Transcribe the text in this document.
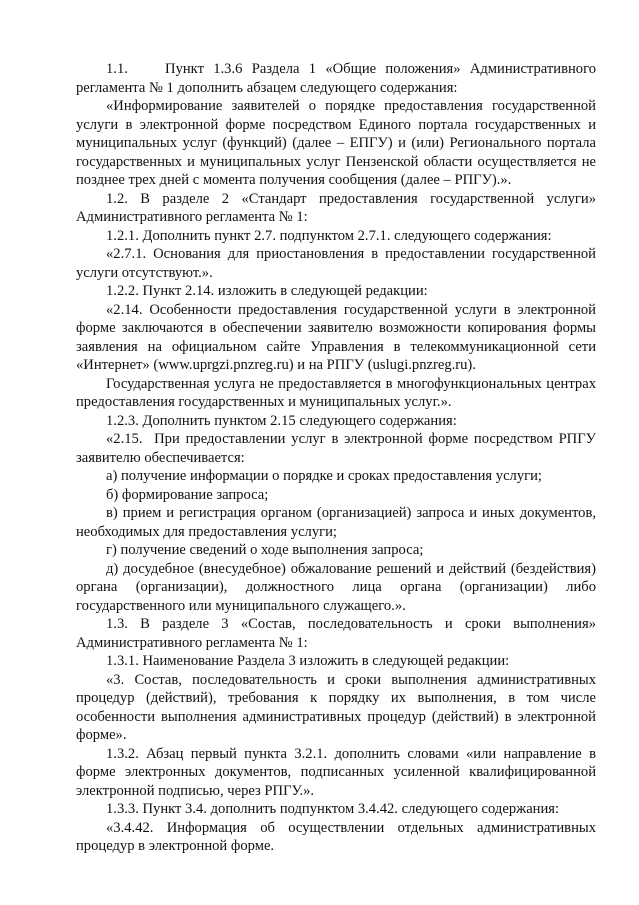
1.1.    Пункт 1.3.6 Раздела 1 «Общие положения» Административного регламента № 1 дополнить абзацем следующего содержания:

«Информирование заявителей о порядке предоставления государственной услуги в электронной форме посредством Единого портала государственных и муниципальных услуг (функций) (далее – ЕПГУ) и (или) Регионального портала государственных и муниципальных услуг Пензенской области осуществляется не позднее трех дней с момента получения сообщения (далее – РПГУ).».

1.2. В разделе 2 «Стандарт предоставления государственной услуги» Административного регламента № 1:

1.2.1. Дополнить пункт 2.7. подпунктом 2.7.1. следующего содержания:

«2.7.1. Основания для приостановления в предоставлении государственной услуги отсутствуют.».

1.2.2. Пункт 2.14. изложить в следующей редакции:

«2.14. Особенности предоставления государственной услуги в электронной форме заключаются в обеспечении заявителю возможности копирования формы заявления на официальном сайте Управления в телекоммуникационной сети «Интернет» (www.uprgzi.pnzreg.ru) и на РПГУ (uslugi.pnzreg.ru).

Государственная услуга не предоставляется в многофункциональных центрах предоставления государственных и муниципальных услуг.».

1.2.3. Дополнить пунктом 2.15 следующего содержания:

«2.15.  При предоставлении услуг в электронной форме посредством РПГУ заявителю обеспечивается:

а) получение информации о порядке и сроках предоставления услуги;

б) формирование запроса;

в) прием и регистрация органом (организацией) запроса и иных документов, необходимых для предоставления услуги;

г) получение сведений о ходе выполнения запроса;

д) досудебное (внесудебное) обжалование решений и действий (бездействия) органа (организации), должностного лица органа (организации) либо государственного или муниципального служащего.».

1.3. В разделе 3 «Состав, последовательность и сроки выполнения» Административного регламента № 1:

1.3.1. Наименование Раздела 3 изложить в следующей редакции:

«3. Состав, последовательность и сроки выполнения административных процедур (действий), требования к порядку их выполнения, в том числе особенности выполнения административных процедур (действий) в электронной форме».

1.3.2. Абзац первый пункта 3.2.1. дополнить словами «или направление в форме электронных документов, подписанных усиленной квалифицированной электронной подписью, через РПГУ.».

1.3.3. Пункт 3.4. дополнить подпунктом 3.4.42. следующего содержания:

«3.4.42. Информация об осуществлении отдельных административных процедур в электронной форме.
